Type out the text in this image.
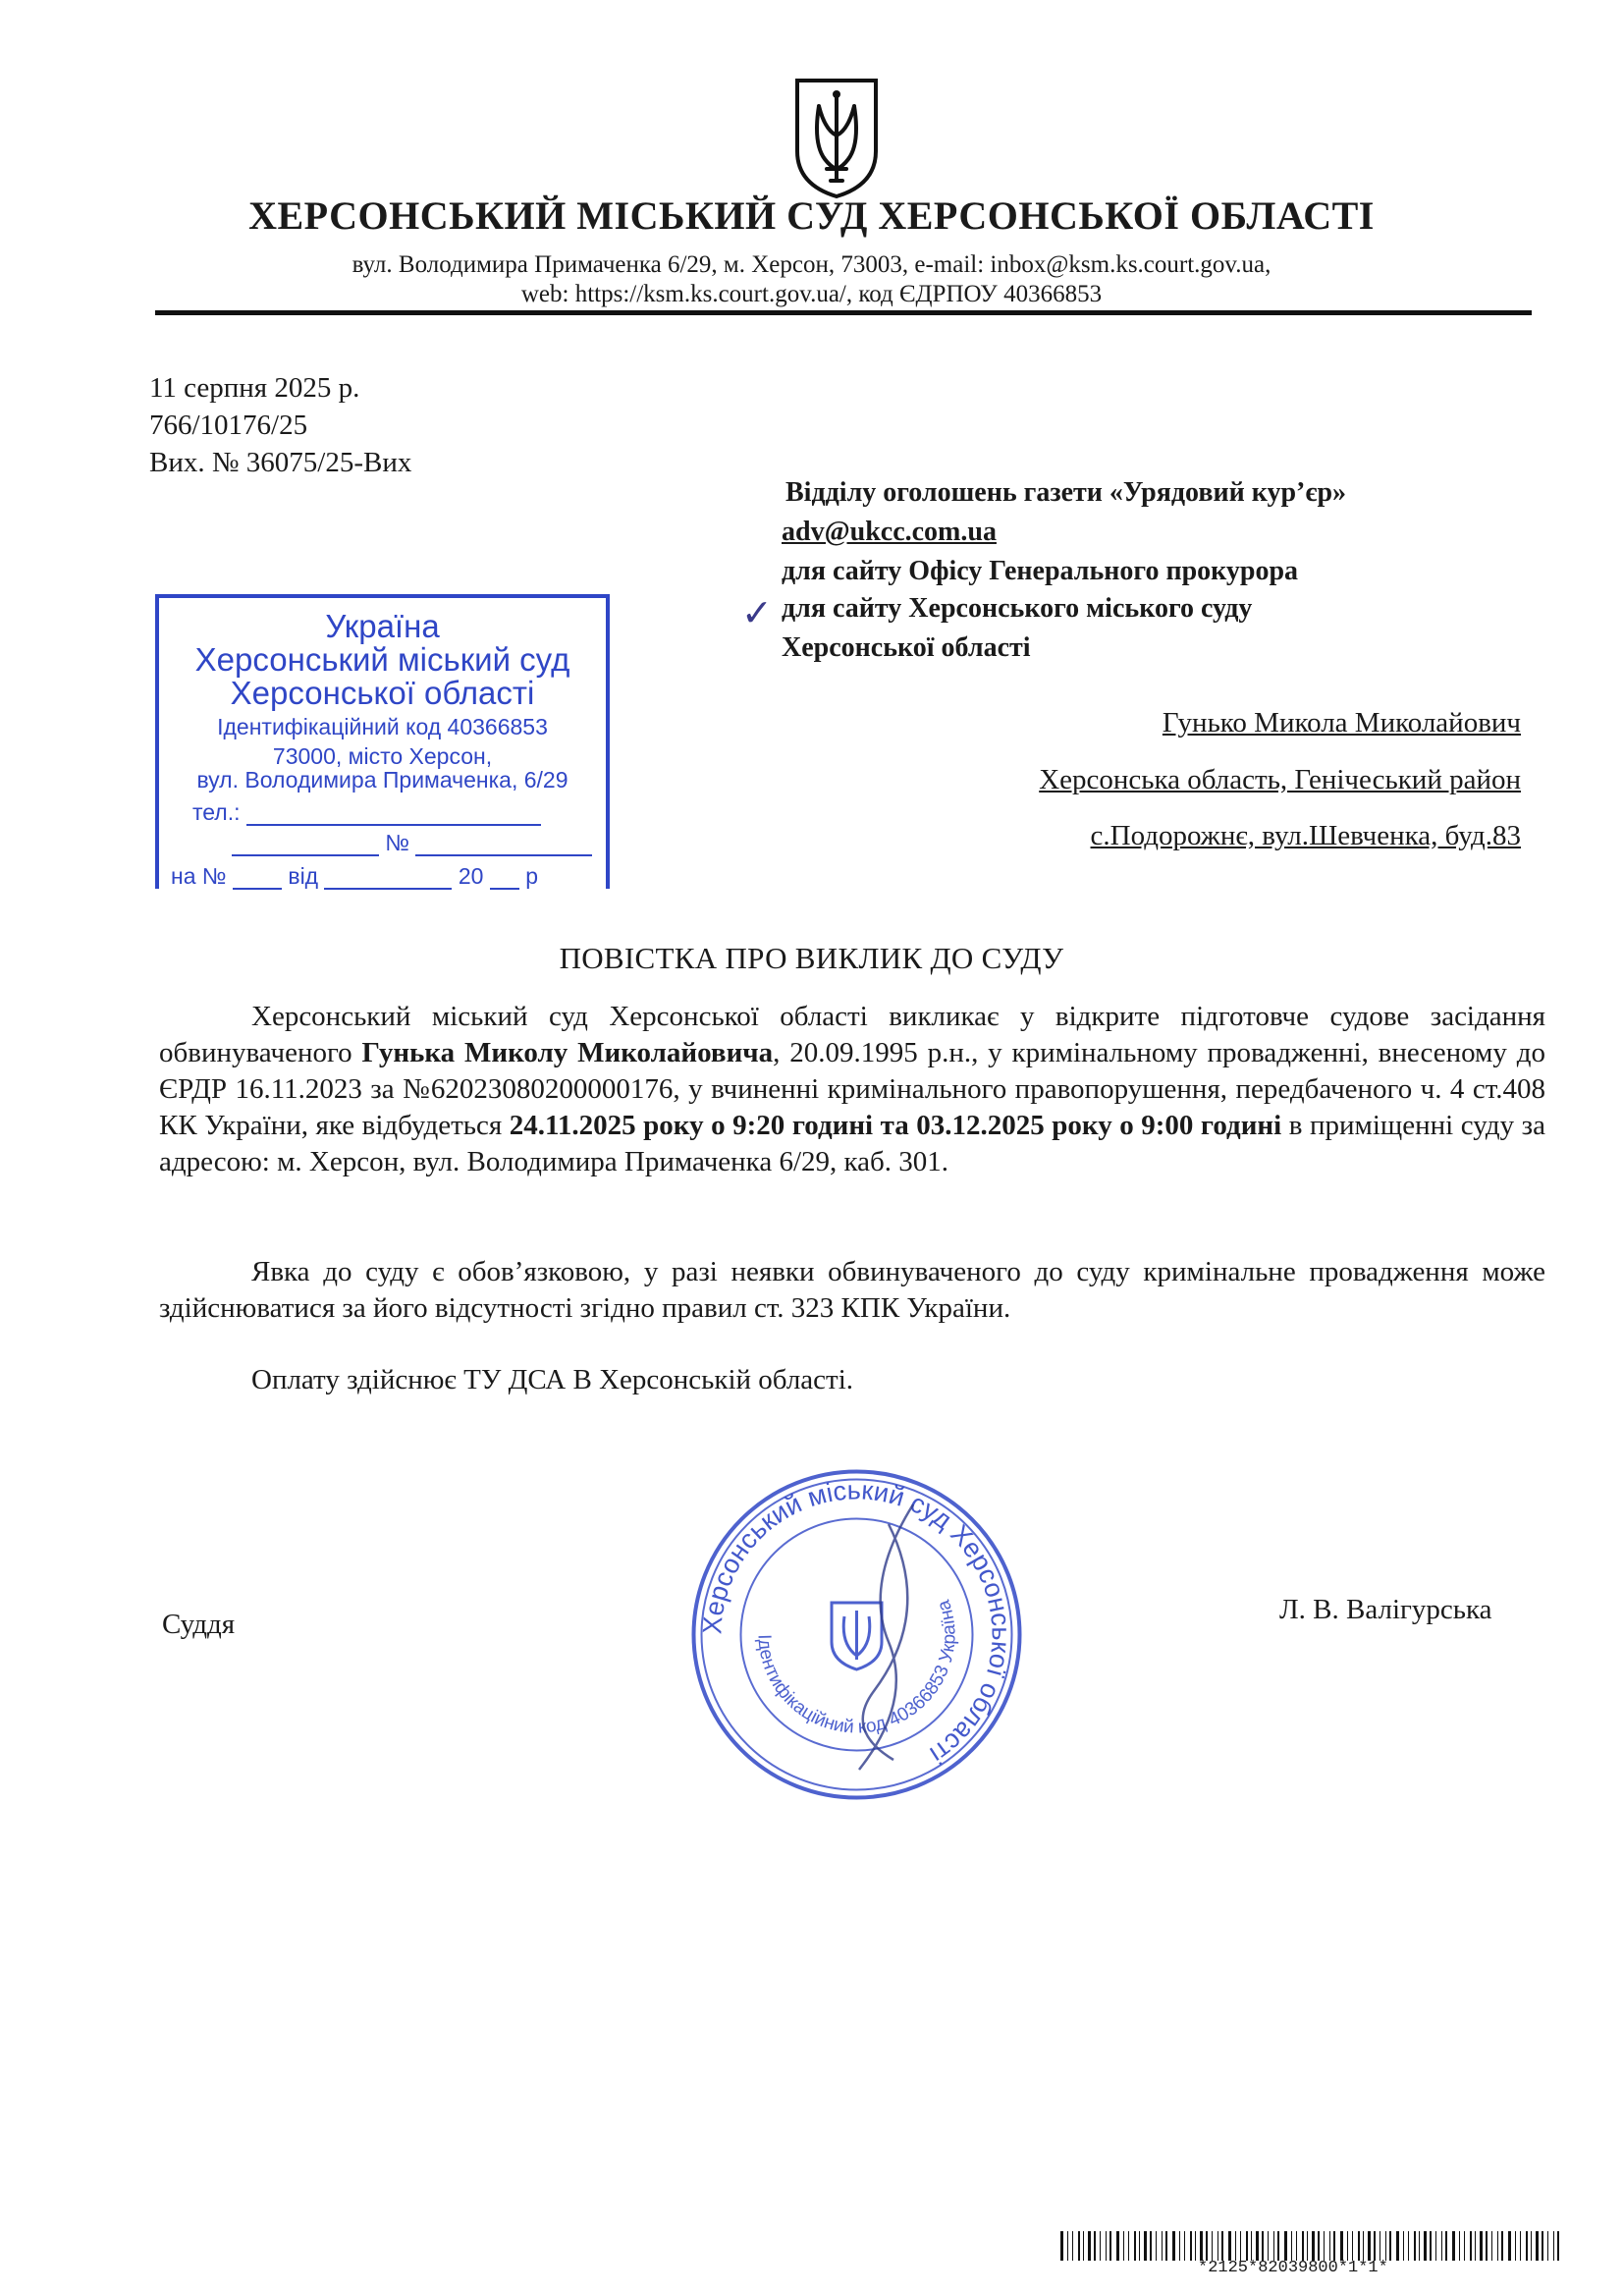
ХЕРСОНСЬКИЙ МІСЬКИЙ СУД ХЕРСОНСЬКОЇ ОБЛАСТІ
вул. Володимира Примаченка 6/29, м. Херсон, 73003, e-mail: inbox@ksm.ks.court.gov.ua,
web: https://ksm.ks.court.gov.ua/, код ЄДРПОУ 40366853
11 серпня 2025 р.
766/10176/25
Вих. № 36075/25-Вих
Відділу оголошень газети «Урядовий кур’єр»
adv@ukcc.com.ua
для сайту Офісу Генерального прокурора
✓ для сайту Херсонського міського суду
Херсонської області
Гунько Микола Миколайович
Херсонська область, Генічеський район
с.Подорожнє, вул.Шевченка, буд.83
Україна
Херсонський міський суд
Херсонської області
Ідентифікаційний код 40366853
73000, місто Херсон,
вул. Володимира Примаченка, 6/29
тел.:
№
на №	від	20 р
ПОВІСТКА ПРО ВИКЛИК ДО СУДУ
Херсонський міський суд Херсонської області викликає у відкрите підготовче судове засідання обвинуваченого Гунька Миколу Миколайовича, 20.09.1995 р.н., у кримінальному провадженні, внесеному до ЄРДР 16.11.2023 за №62023080200000176, у вчиненні кримінального правопорушення, передбаченого ч. 4 ст.408 КК України, яке відбудеться 24.11.2025 року о 9:20 годині та 03.12.2025 року о 9:00 годині в приміщенні суду за адресою: м. Херсон, вул. Володимира Примаченка 6/29, каб. 301.
Явка до суду є обов’язковою, у разі неявки обвинуваченого до суду кримінальне провадження може здійснюватися за його відсутності згідно правил ст. 323 КПК України.
Оплату здійснює ТУ ДСА В Херсонській області.
Суддя	Л. В. Валігурська
Херсонський міський суд Херсонської області
Ідентифікаційний код 40366853 Україна
*2125*82039800*1*1*
